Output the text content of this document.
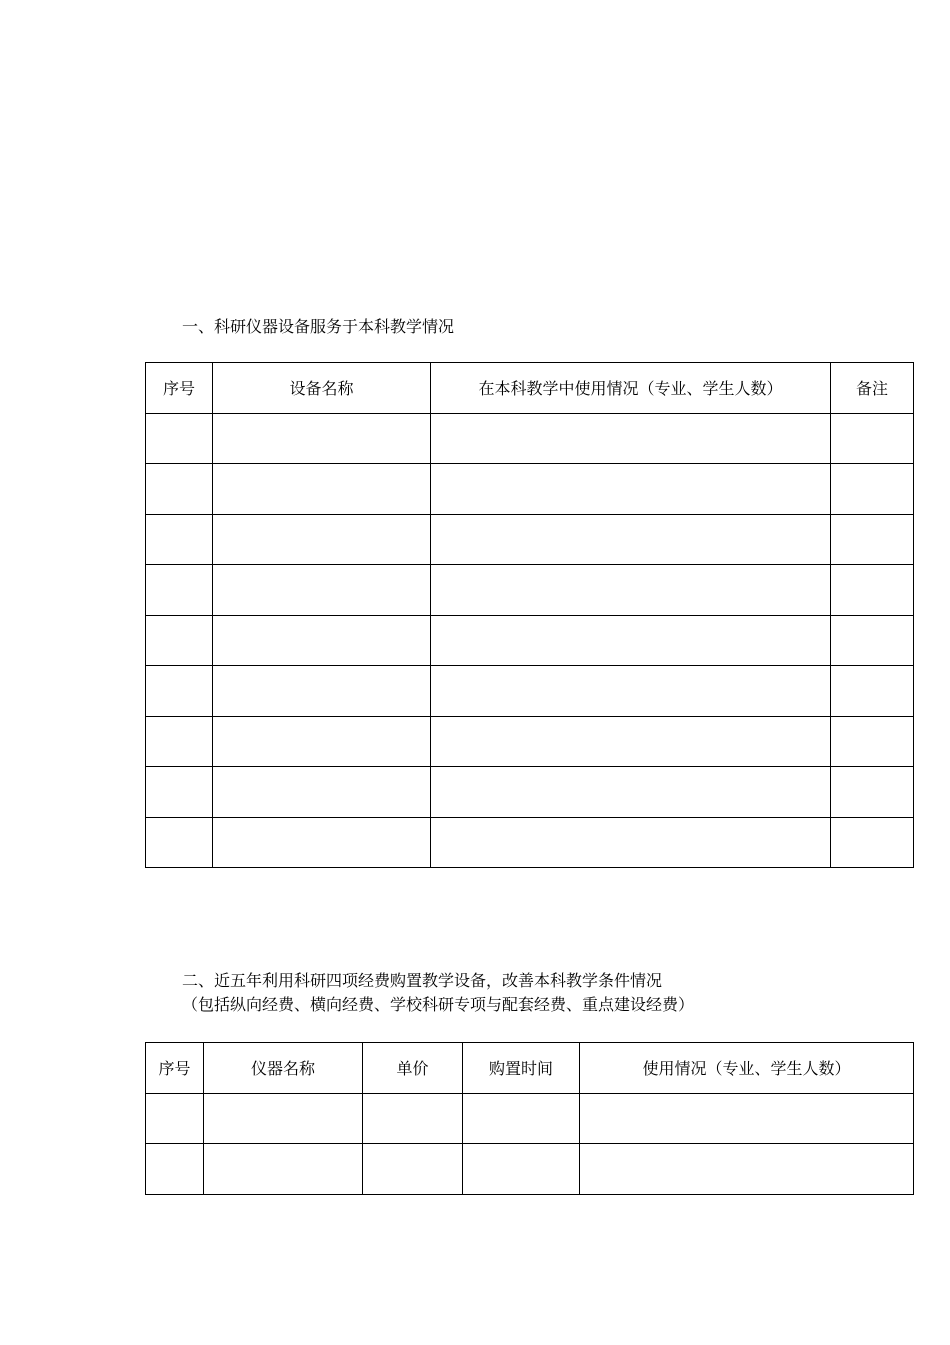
一、科研仪器设备服务于本科教学情况

序号	设备名称	在本科教学中使用情况（专业、学生人数）	备注

二、近五年利用科研四项经费购置教学设备，改善本科教学条件情况

（包括纵向经费、横向经费、学校科研专项与配套经费、重点建设经费）

序号	仪器名称	单价	购置时间	使用情况（专业、学生人数）
